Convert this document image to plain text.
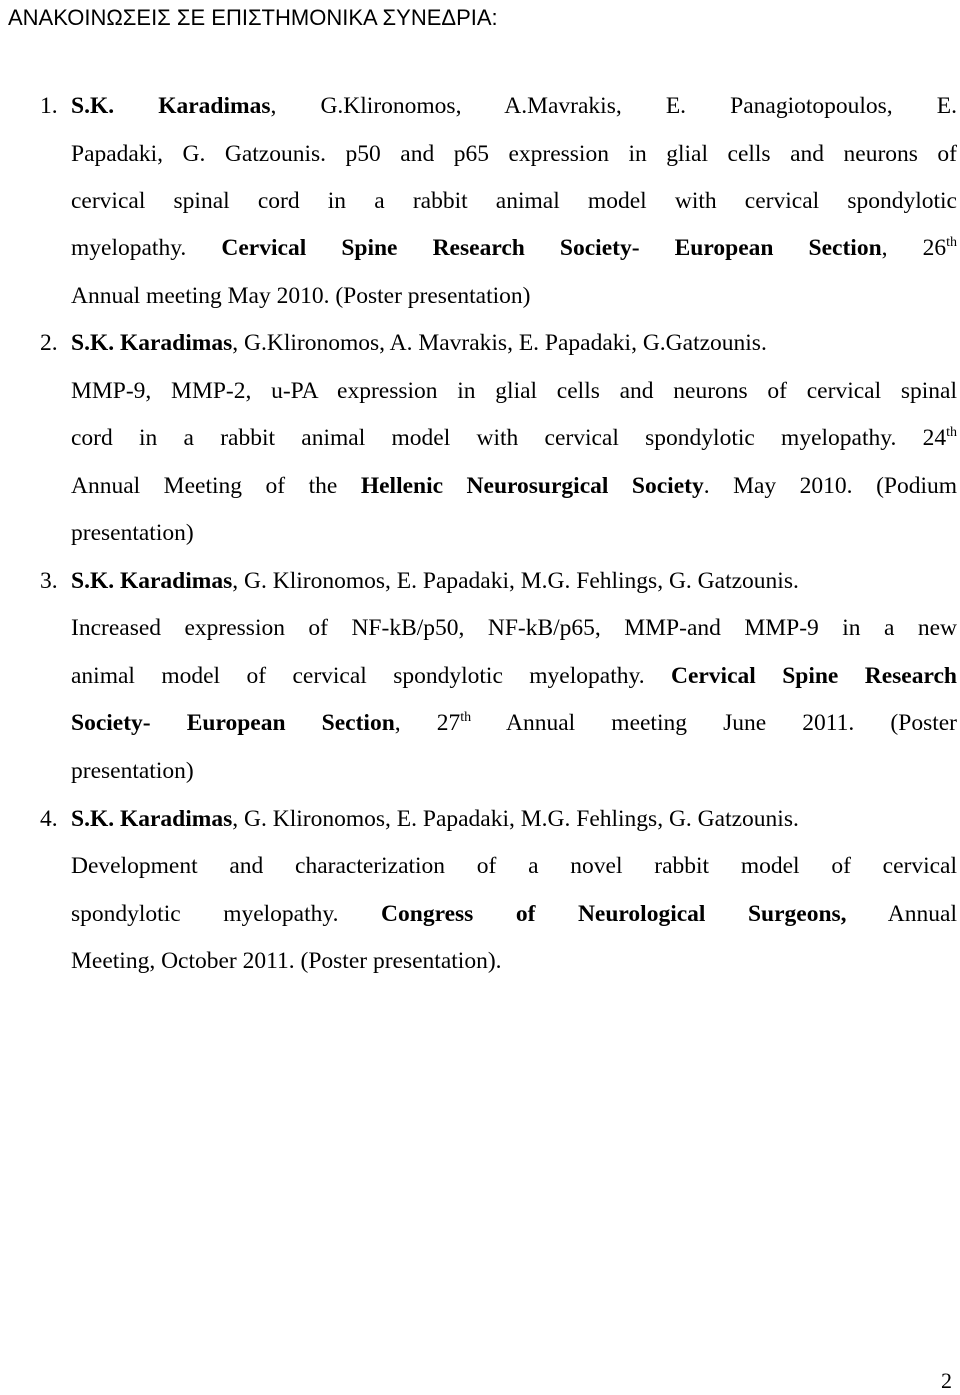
ΑΝΑΚΟΙΝΩΣΕΙΣ ΣΕ ΕΠΙΣΤΗΜΟΝΙΚΑ ΣΥΝΕΔΡΙΑ:
1. S.K. Karadimas, G.Klironomos, A.Mavrakis, E. Panagiotopoulos, E.
Papadaki, G. Gatzounis. p50 and p65 expression in glial cells and neurons of
cervical spinal cord in a rabbit animal model with cervical spondylotic
myelopathy. Cervical Spine Research Society- European Section, 26th
Annual meeting May 2010. (Poster presentation)
2. S.K. Karadimas, G.Klironomos, A. Mavrakis, E. Papadaki, G.Gatzounis.
MMP-9, MMP-2, u-PA expression in glial cells and neurons of cervical spinal
cord in a rabbit animal model with cervical spondylotic myelopathy. 24th
Annual Meeting of the Hellenic Neurosurgical Society. May 2010. (Podium
presentation)
3. S.K. Karadimas, G. Klironomos, E. Papadaki, M.G. Fehlings, G. Gatzounis.
Increased expression of NF-kB/p50, NF-kB/p65, MMP-and MMP-9 in a new
animal model of cervical spondylotic myelopathy. Cervical Spine Research
Society- European Section, 27th Annual meeting June 2011. (Poster
presentation)
4. S.K. Karadimas, G. Klironomos, E. Papadaki, M.G. Fehlings, G. Gatzounis.
Development and characterization of a novel rabbit model of cervical
spondylotic myelopathy. Congress of Neurological Surgeons, Annual
Meeting, October 2011. (Poster presentation).
2
